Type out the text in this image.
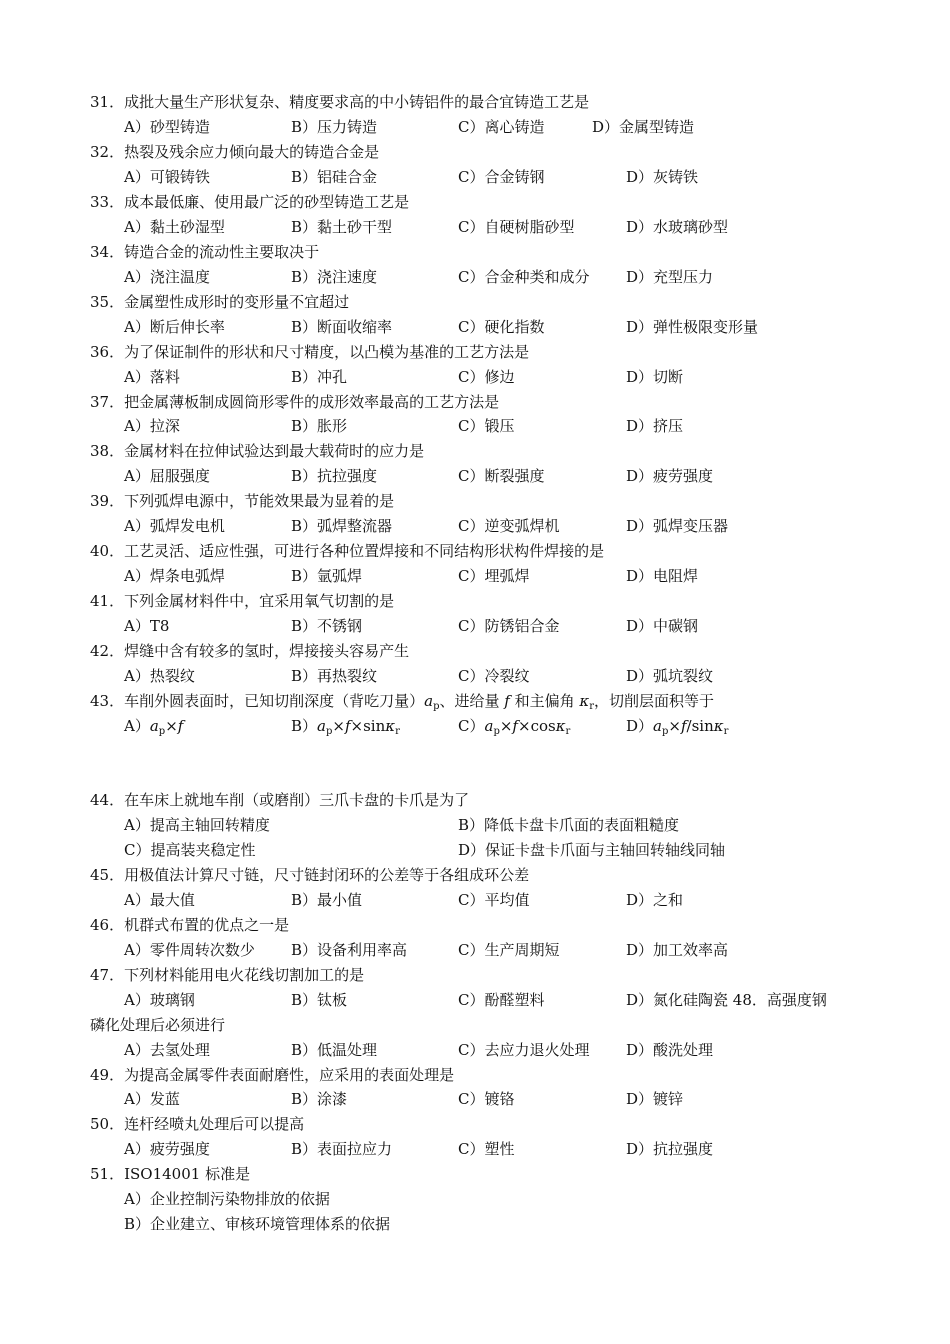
31．成批大量生产形状复杂、精度要求高的中小铸铝件的最合宜铸造工艺是
A）砂型铸造	B）压力铸造	C）离心铸造	D）金属型铸造
32．热裂及残余应力倾向最大的铸造合金是
A）可锻铸铁	B）铝硅合金	C）合金铸钢	D）灰铸铁
33．成本最低廉、使用最广泛的砂型铸造工艺是
A）黏土砂湿型	B）黏土砂干型	C）自硬树脂砂型	D）水玻璃砂型
34．铸造合金的流动性主要取决于
A）浇注温度	B）浇注速度	C）合金种类和成分 D）充型压力
35．金属塑性成形时的变形量不宜超过
A）断后伸长率	B）断面收缩率	C）硬化指数	D）弹性极限变形量
36．为了保证制件的形状和尺寸精度，以凸模为基准的工艺方法是
A）落料	B）冲孔	C）修边	D）切断
37．把金属薄板制成圆筒形零件的成形效率最高的工艺方法是
A）拉深	B）胀形	C）锻压	D）挤压
38．金属材料在拉伸试验达到最大载荷时的应力是
A）屈服强度	B）抗拉强度	C）断裂强度	D）疲劳强度
39．下列弧焊电源中，节能效果最为显着的是
A）弧焊发电机	B）弧焊整流器	C）逆变弧焊机	D）弧焊变压器
40．工艺灵活、适应性强，可进行各种位置焊接和不同结构形状构件焊接的是
A）焊条电弧焊	B）氩弧焊	C）埋弧焊	D）电阻焊
41．下列金属材料件中，宜采用氧气切割的是
A）T8	B）不锈钢	C）防锈铝合金	D）中碳钢
42．焊缝中含有较多的氢时，焊接接头容易产生
A）热裂纹	B）再热裂纹	C）冷裂纹	D）弧坑裂纹
43．车削外圆表面时，已知切削深度（背吃刀量）$a_p$、进给量 f 和主偏角 $\kappa_r$，切削层面积等于
$A)a_p\times f$	$B)a_p\times f\times\sin\kappa_r$	$C)a_p\times f\times\cos\kappa_r$	$D)a_p\times f/\sin\kappa_r$
44．在车床上就地车削（或磨削）三爪卡盘的卡爪是为了
A）提高主轴回转精度	B）降低卡盘卡爪面的表面粗糙度
C）提高装夹稳定性	D）保证卡盘卡爪面与主轴回转轴线同轴
45．用极值法计算尺寸链，尺寸链封闭环的公差等于各组成环公差
A）最大值	B）最小值	C）平均值	D）之和
46．机群式布置的优点之一是
A）零件周转次数少 B）设备利用率高	C）生产周期短	D）加工效率高
47．下列材料能用电火花线切割加工的是
A）玻璃钢	B）钛板	C）酚醛塑料	D）氮化硅陶瓷 48．高强度钢
磷化处理后必须进行
A）去氢处理	B）低温处理	C）去应力退火处理 D）酸洗处理
49．为提高金属零件表面耐磨性，应采用的表面处理是
A）发蓝	B）涂漆	C）镀铬	D）镀锌
50．连杆经喷丸处理后可以提高
A）疲劳强度	B）表面拉应力	C）塑性	D）抗拉强度
51．ISO14001 标准是
A）企业控制污染物排放的依据
B）企业建立、审核环境管理体系的依据
